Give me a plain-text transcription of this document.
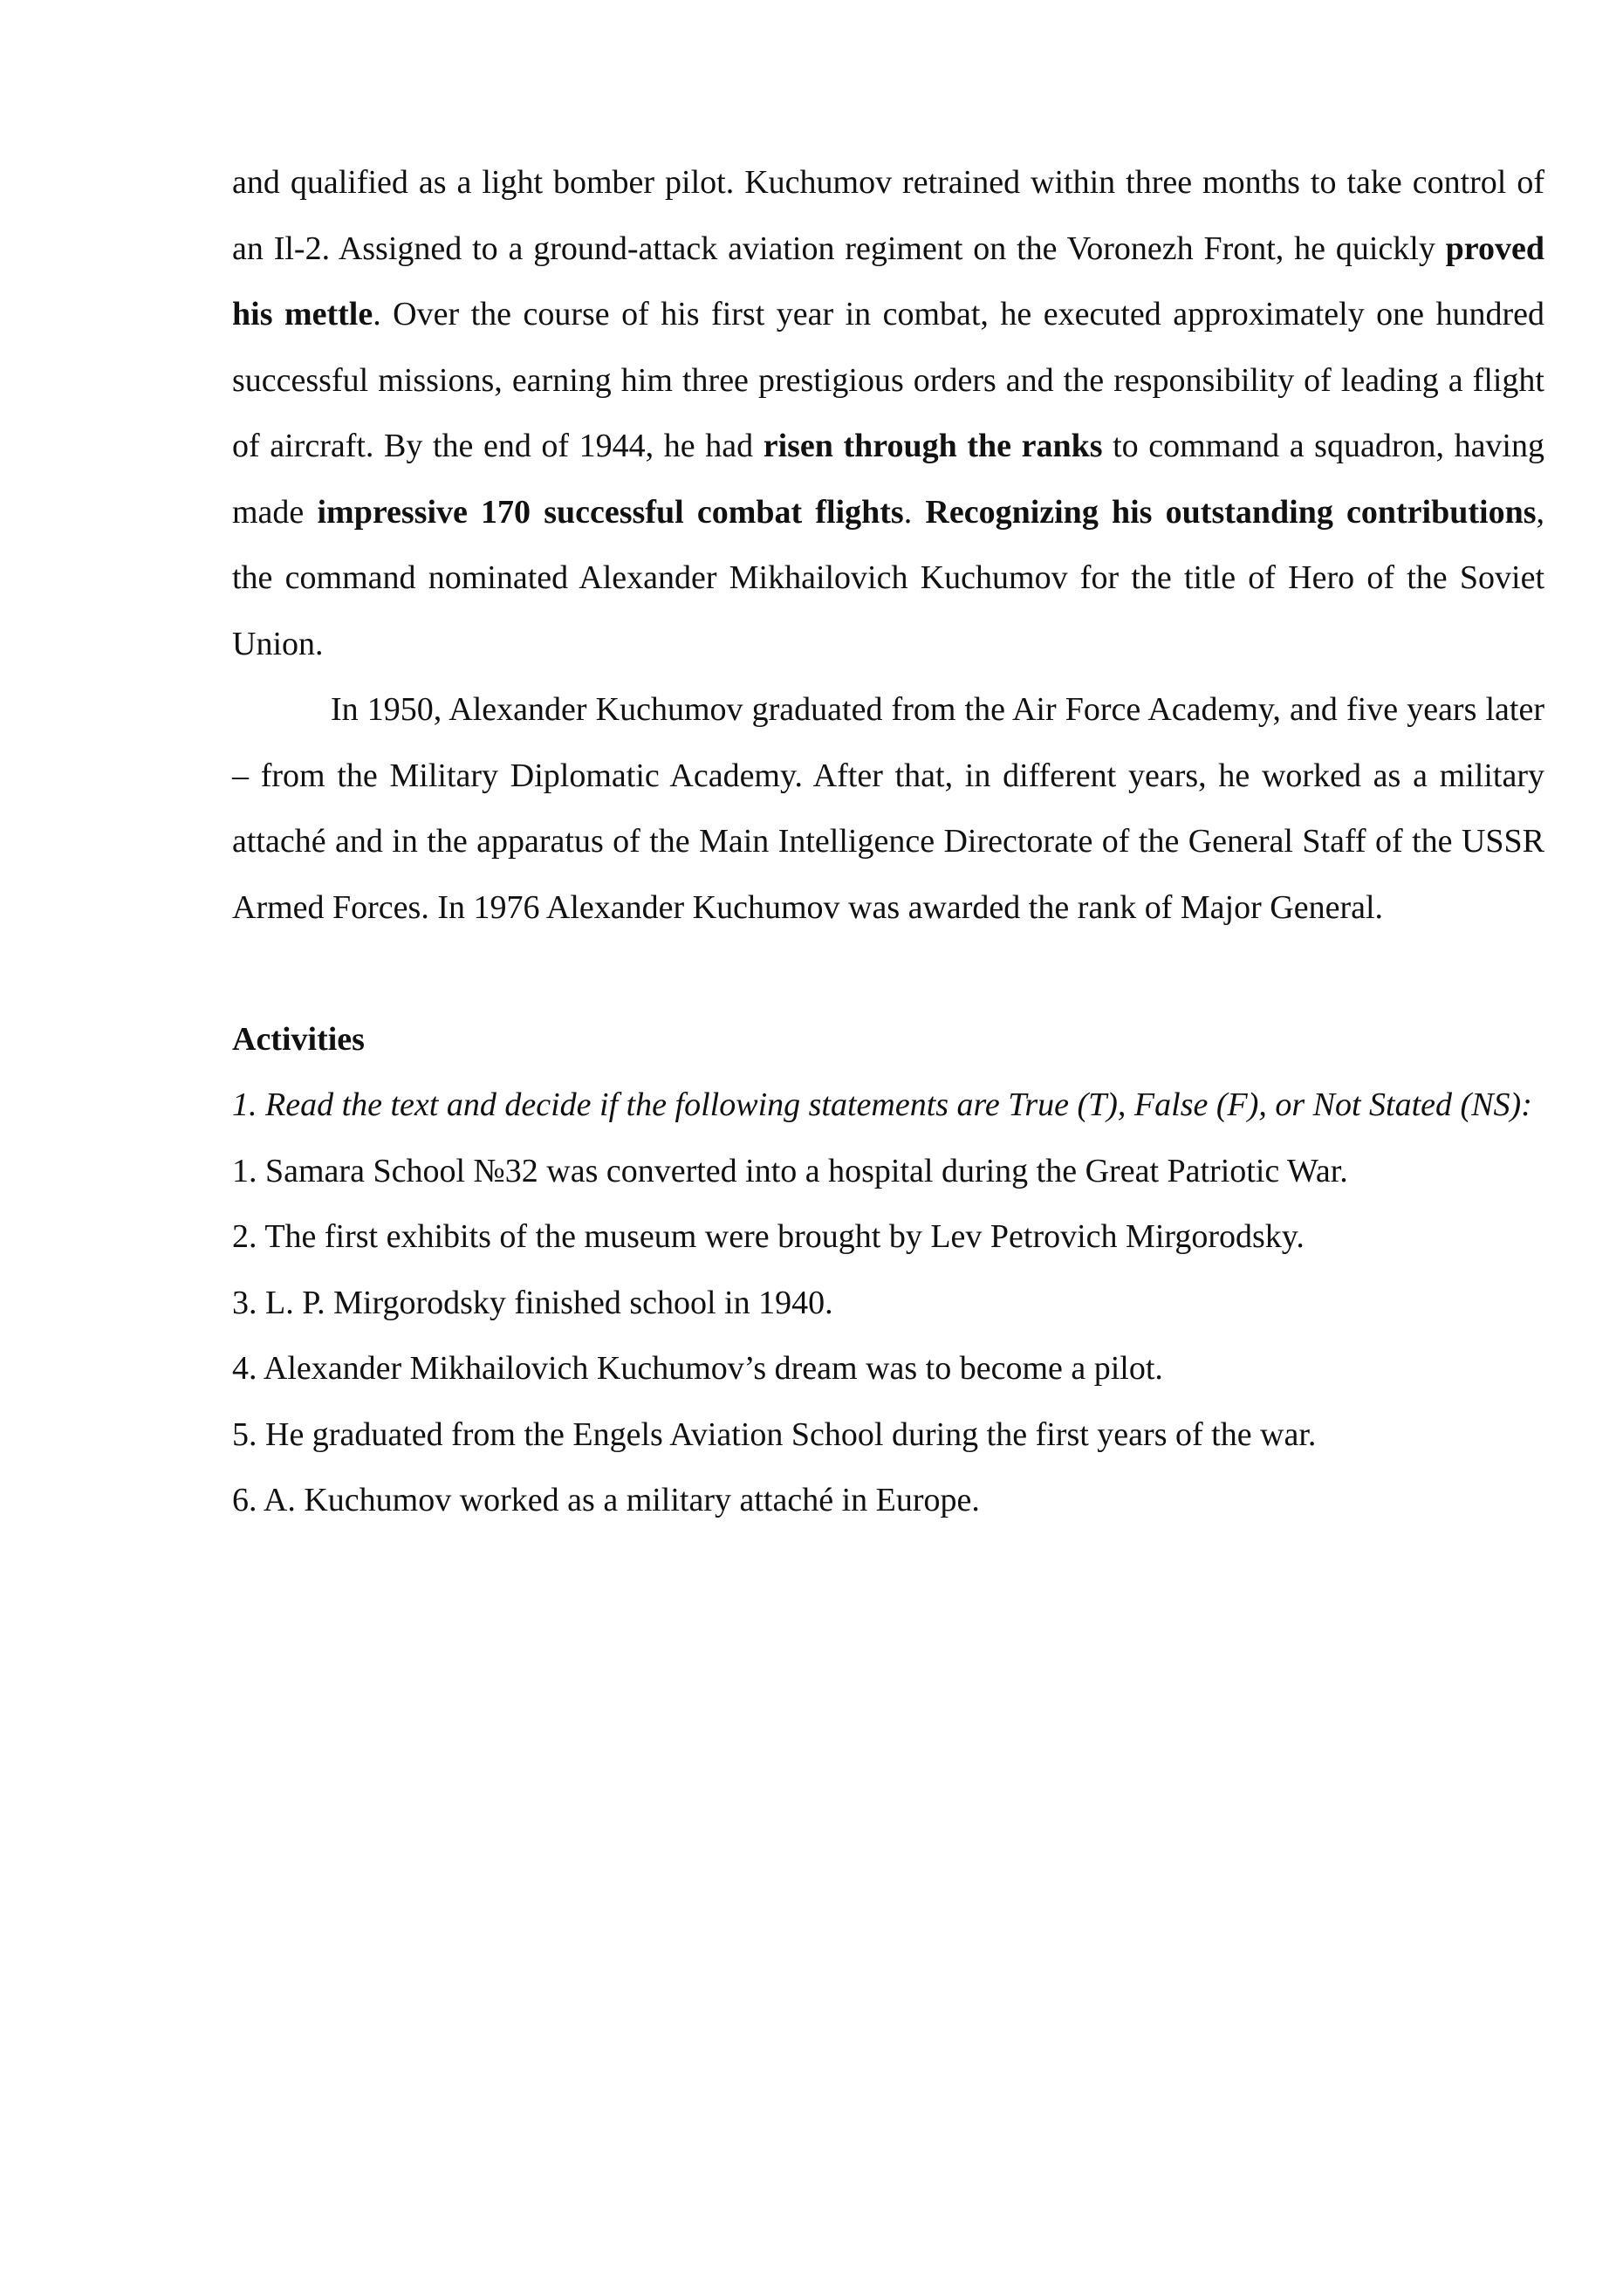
and qualified as a light bomber pilot. Kuchumov retrained within three months to take control of an Il-2. Assigned to a ground-attack aviation regiment on the Voronezh Front, he quickly proved his mettle. Over the course of his first year in combat, he executed approximately one hundred successful missions, earning him three prestigious orders and the responsibility of leading a flight of aircraft. By the end of 1944, he had risen through the ranks to command a squadron, having made impressive 170 successful combat flights. Recognizing his outstanding contributions, the command nominated Alexander Mikhailovich Kuchumov for the title of Hero of the Soviet Union.

In 1950, Alexander Kuchumov graduated from the Air Force Academy, and five years later – from the Military Diplomatic Academy. After that, in different years, he worked as a military attaché and in the apparatus of the Main Intelligence Directorate of the General Staff of the USSR Armed Forces. In 1976 Alexander Kuchumov was awarded the rank of Major General.

Activities

1. Read the text and decide if the following statements are True (T), False (F), or Not Stated (NS):

1. Samara School №32 was converted into a hospital during the Great Patriotic War.
2. The first exhibits of the museum were brought by Lev Petrovich Mirgorodsky.
3. L. P. Mirgorodsky finished school in 1940.
4. Alexander Mikhailovich Kuchumov’s dream was to become a pilot.
5. He graduated from the Engels Aviation School during the first years of the war.
6. A. Kuchumov worked as a military attaché in Europe.
